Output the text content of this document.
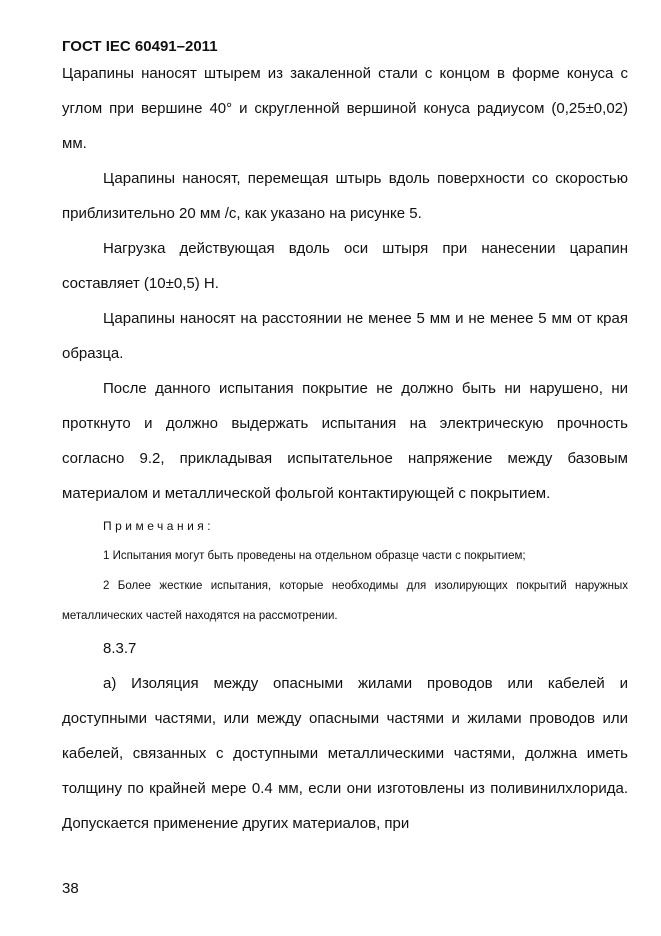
ГОСТ IEC 60491–2011

Царапины наносят штырем из закаленной стали с концом в форме конуса с углом при вершине 40° и скругленной вершиной конуса радиусом (0,25±0,02) мм.

Царапины наносят, перемещая штырь вдоль поверхности со скоростью приблизительно 20 мм /с, как указано на рисунке 5.

Нагрузка действующая вдоль оси штыря при нанесении царапин составляет (10±0,5) Н.

Царапины наносят на расстоянии не менее 5 мм и не менее 5 мм от края образца.

После данного испытания покрытие не должно быть ни нарушено, ни проткнуто и должно выдержать испытания на электрическую прочность согласно 9.2, прикладывая испытательное напряжение между базовым материалом и металлической фольгой контактирующей с покрытием.

Примечания:

1 Испытания могут быть проведены на отдельном образце части с покрытием;

2 Более жесткие испытания, которые необходимы для изолирующих покрытий наружных металлических частей находятся на рассмотрении.

8.3.7

а) Изоляция между опасными жилами проводов или кабелей и доступными частями, или между опасными частями и жилами проводов или кабелей, связанных с доступными металлическими частями, должна иметь толщину по крайней мере 0.4 мм, если они изготовлены из поливинилхлорида. Допускается применение других материалов, при

38
